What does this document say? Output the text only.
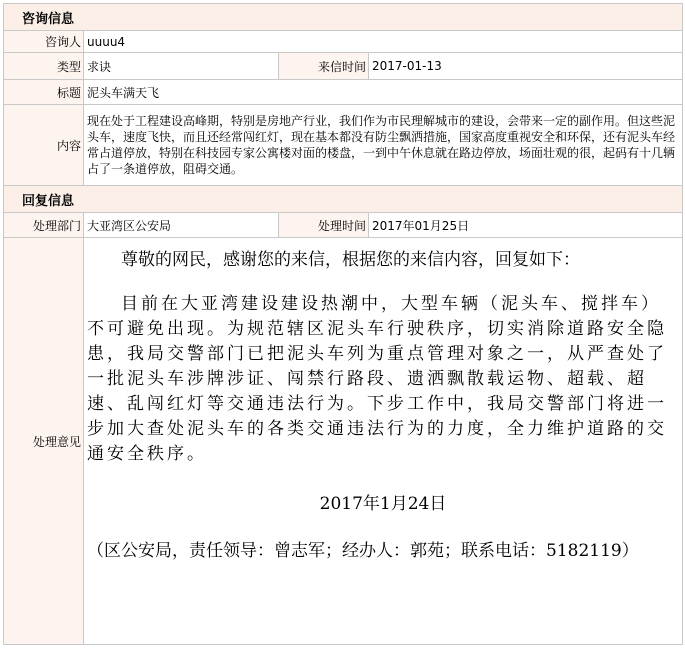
咨询信息			
咨询人	uuuu4		
类型	求诀	来信时间	2017-01-13
标题	泥头车满天飞		
内容	现在处于工程建设高峰期，特别是房地产行业，我们作为市民理解城市的建设，会带来一定的副作用。但这些泥头车，速度飞快，而且还经常闯红灯，现在基本都没有防尘飘洒措施，国家高度重视安全和环保，还有泥头车经常占道停放，特别在科技园专家公寓楼对面的楼盘，一到中午休息就在路边停放，场面壮观的很，起码有十几辆占了一条道停放，阻碍交通。		
回复信息			
处理部门	大亚湾区公安局	处理时间	2017年01月25日
处理意见	尊敬的网民，感谢您的来信，根据您的来信内容，回复如下：

目前在大亚湾建设建设热潮中，大型车辆（泥头车、搅拌车）不可避免出现。为规范辖区泥头车行驶秩序，切实消除道路安全隐患，我局交警部门已把泥头车列为重点管理对象之一，从严查处了一批泥头车涉牌涉证、闯禁行路段、遗洒飘散载运物、超载、超速、乱闯红灯等交通违法行为。下步工作中，我局交警部门将进一步加大查处泥头车的各类交通违法行为的力度，全力维护道路的交通安全秩序。

2017年1月24日

（区公安局，责任领导：曾志军；经办人：郭苑；联系电话：5182119）		
